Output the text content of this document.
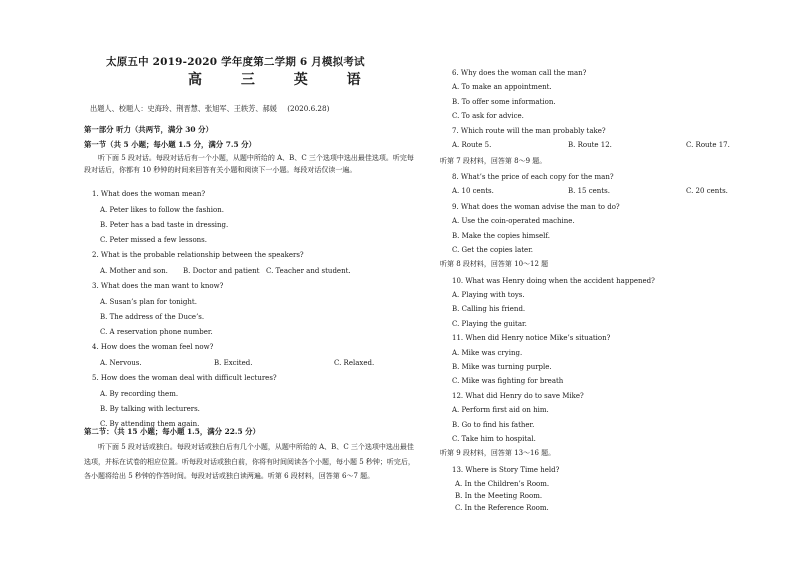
太原五中 2019-2020 学年度第二学期 6 月模拟考试
高 三 英 语
出题人、校题人：史海玲、荆晋慧、张旭军、王轶芳、郝媛 (2020.6.28)
第一部分 听力（共两节，满分 30 分）
第一节（共 5 小题；每小题 1.5 分，满分 7.5 分）
听下面 5 段对话。每段对话后有一个小题，从题中所给的 A、B、C 三个选项中选出最佳选项。听完每段对话后，你都有 10 秒钟的时间来回答有关小题和阅读下一小题。每段对话仅读一遍。
1. What does the woman mean?
A. Peter likes to follow the fashion.
B. Peter has a bad taste in dressing.
C. Peter missed a few lessons.
2. What is the probable relationship between the speakers?
A. Mother and son. B. Doctor and patient C. Teacher and student.
3. What does the man want to know?
A. Susan’s plan for tonight.
B. The address of the Duce’s.
C. A reservation phone number.
4. How does the woman feel now?
A. Nervous.	B. Excited.	C. Relaxed.
5. How does the woman deal with difficult lectures?
A. By recording them.
B. By talking with lecturers.
C. By attending them again.
第二节：（共 15 小题；每小题 1.5，满分 22.5 分）
听下面 5 段对话或独白。每段对话或独白后有几个小题，从题中所给的 A、B、C 三个选项中选出最佳选项，并标在试卷的相应位置。听每段对话或独白前，你将有时间阅读各个小题，每小题 5 秒钟；听完后，各小题将给出 5 秒钟的作答时间。每段对话或独白读两遍。听第 6 段材料，回答第 6～7 题。
6. Why does the woman call the man?
A. To make an appointment.
B. To offer some information.
C. To ask for advice.
7. Which route will the man probably take?
A. Route 5.	B. Route 12.	C. Route 17.
听第 7 段材料，回答第 8～9 题。
8. What’s the price of each copy for the man?
A. 10 cents.	B. 15 cents.	C. 20 cents.
9. What does the woman advise the man to do?
A. Use the coin-operated machine.
B. Make the copies himself.
C. Get the copies later.
听第 8 段材料，回答第 10～12 题
10. What was Henry doing when the accident happened?
A. Playing with toys.
B. Calling his friend.
C. Playing the guitar.
11. When did Henry notice Mike’s situation?
A. Mike was crying.
B. Mike was turning purple.
C. Mike was fighting for breath
12. What did Henry do to save Mike?
A. Perform first aid on him.
B. Go to find his father.
C. Take him to hospital.
听第 9 段材料，回答第 13～16 题。
13. Where is Story Time held?
A. In the Children’s Room.
B. In the Meeting Room.
C. In the Reference Room.
